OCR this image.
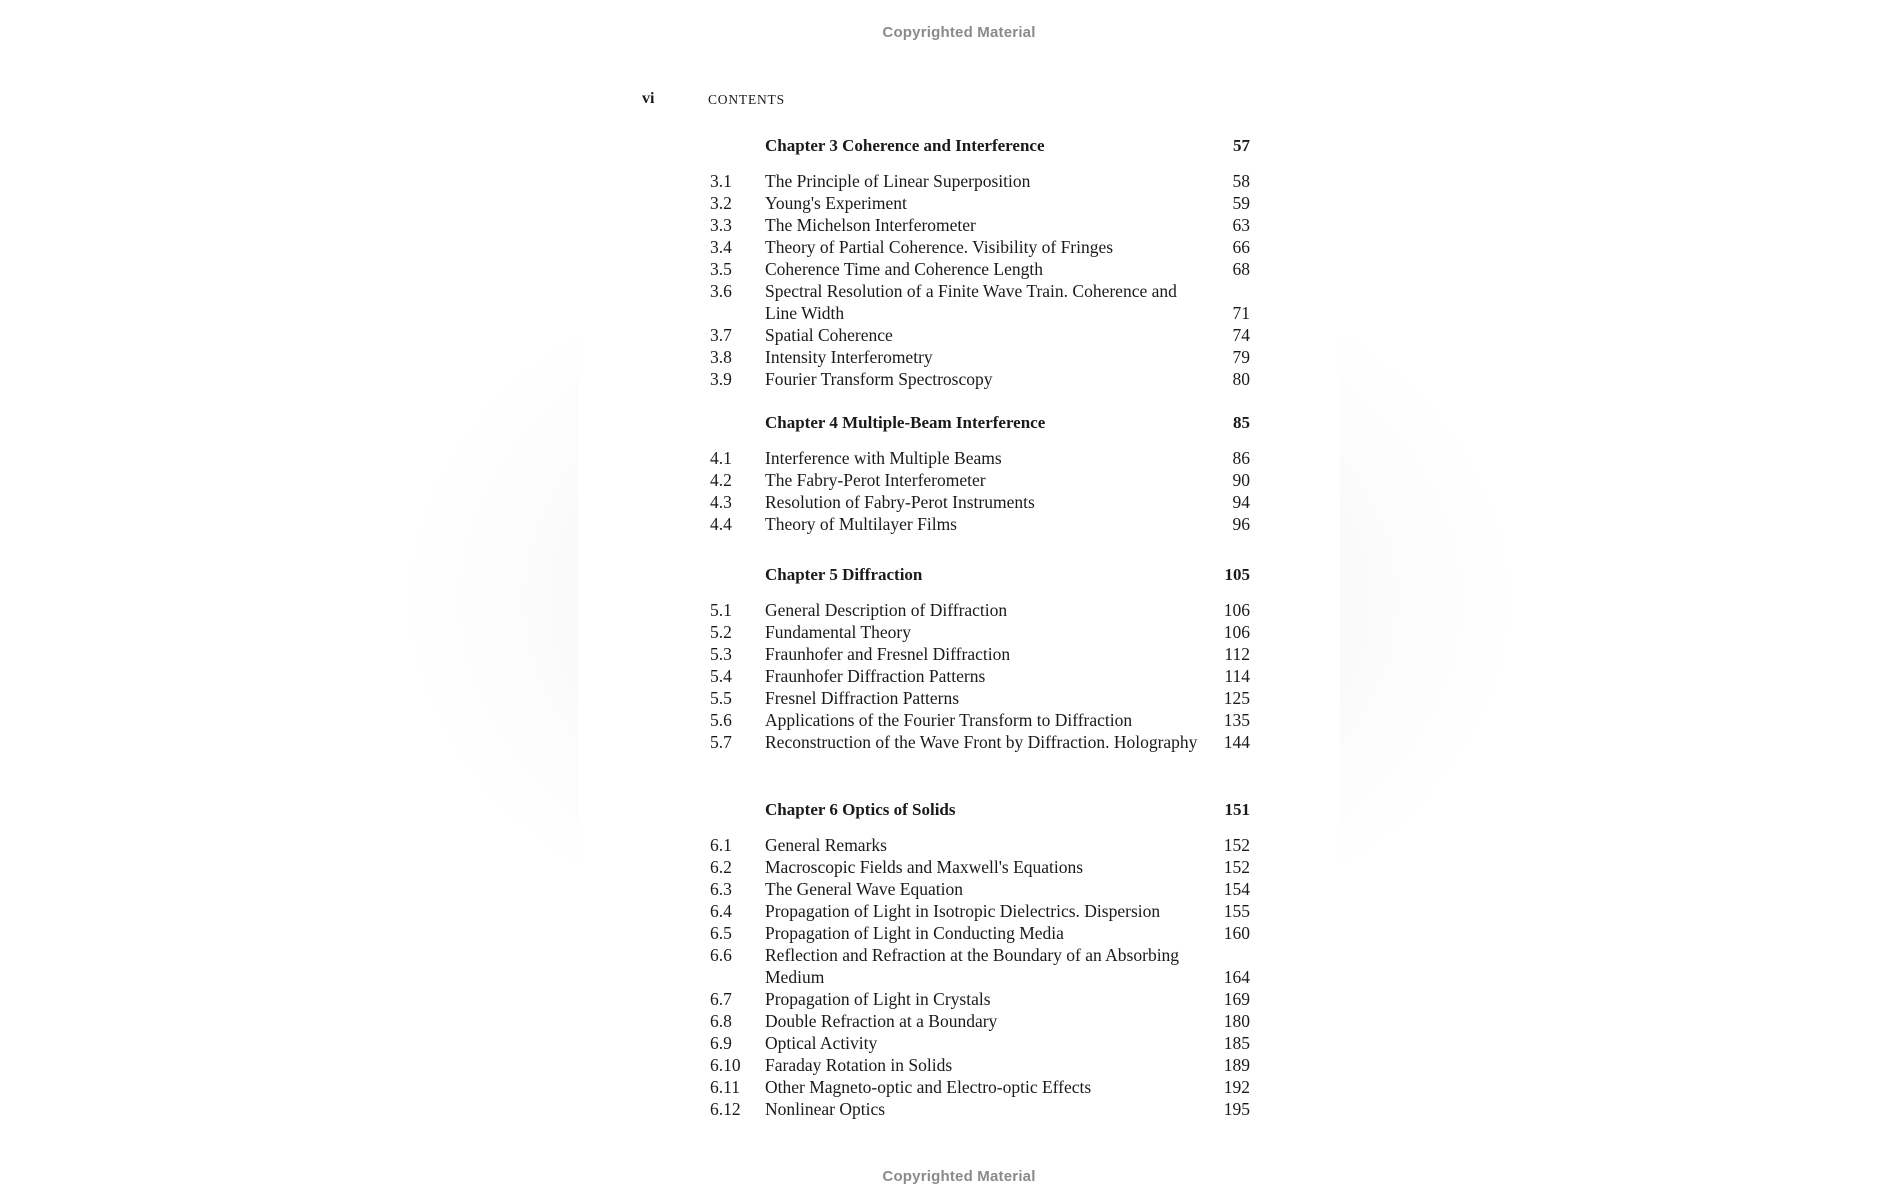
Copyrighted Material
vi	CONTENTS
Chapter 3 Coherence and Interference	57
3.1	The Principle of Linear Superposition	58
3.2	Young's Experiment	59
3.3	The Michelson Interferometer	63
3.4	Theory of Partial Coherence. Visibility of Fringes	66
3.5	Coherence Time and Coherence Length	68
3.6	Spectral Resolution of a Finite Wave Train. Coherence and Line Width	71
3.7	Spatial Coherence	74
3.8	Intensity Interferometry	79
3.9	Fourier Transform Spectroscopy	80
Chapter 4 Multiple-Beam Interference	85
4.1	Interference with Multiple Beams	86
4.2	The Fabry-Perot Interferometer	90
4.3	Resolution of Fabry-Perot Instruments	94
4.4	Theory of Multilayer Films	96
Chapter 5 Diffraction	105
5.1	General Description of Diffraction	106
5.2	Fundamental Theory	106
5.3	Fraunhofer and Fresnel Diffraction	112
5.4	Fraunhofer Diffraction Patterns	114
5.5	Fresnel Diffraction Patterns	125
5.6	Applications of the Fourier Transform to Diffraction	135
5.7	Reconstruction of the Wave Front by Diffraction. Holography	144
Chapter 6 Optics of Solids	151
6.1	General Remarks	152
6.2	Macroscopic Fields and Maxwell's Equations	152
6.3	The General Wave Equation	154
6.4	Propagation of Light in Isotropic Dielectrics. Dispersion	155
6.5	Propagation of Light in Conducting Media	160
6.6	Reflection and Refraction at the Boundary of an Absorbing Medium	164
6.7	Propagation of Light in Crystals	169
6.8	Double Refraction at a Boundary	180
6.9	Optical Activity	185
6.10	Faraday Rotation in Solids	189
6.11	Other Magneto-optic and Electro-optic Effects	192
6.12	Nonlinear Optics	195
Copyrighted Material
